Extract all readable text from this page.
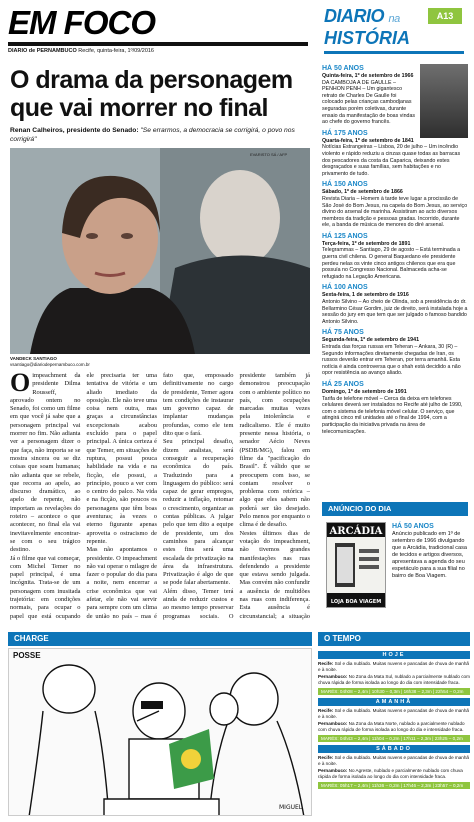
EM FOCO
DIARIO de PERNAMBUCO Recife, quinta-feira, 1º/09/2016
O drama da personagem que vai morrer no final
Renan Calheiros, presidente do Senado: "Se errarmos, a democracia se corrigirá, o povo nos corrigirá"
EVARISTO SÁ / AFP
VANDECK SANTIAGO
vsantiago@diariodepernambuco.com.br

Oimpeachment da presidente Dilma Rousseff, aprovado ontem no Senado, foi como um filme em que você já sabe que a personagem principal vai morrer no fim. Não adianta ver a personagem dizer o que faça, não importa se se mostra sincera ou se diz coisas que soam humanas; não adianta que se rebele, que recorra ao apelo, ao discurso dramático, ao apelo de repente, não importam as revelações do roteiro – acontece o que acontecer, no final ela vai inevitavelmente encontrar-se com o seu trágico destino.

Já o filme que vai começar, com Michel Temer no papel principal, é uma incógnita. Trata-se de um personagem com inusitada trajetória: em condições normais, para ocupar o papel que está ocupando ele precisaria ter uma tentativa de vitória e um aliado imediato da oposição. Ele não teve uma coisa nem outra, mas graças a circunstâncias excepcionais acabou excluído para o papel principal. A única certeza é que Temer, em situações de ruptura, possui pouca habilidade na vida e na ficção, ele possui, a princípio, pouco a ver com o centro do palco. Na vida e na ficção, são poucos os personagens que têm boas aventuras; às vezes o eterno figurante apenas aproveita o ostracismo de repente.

Mas não apontamos o presidente. O impeachment não vai operar o milagre de fazer o popular do dia para a noite, nem encerrar a crise econômica que vai afetar, ele não vai servir para sempre com um clima de união no país – mas é fato que, empossado definitivamente no cargo de presidente, Temer agora tem condições de instaurar um governo capaz de implantar mudanças profundas, como ele tem dito que o fará.

Seu principal desafio, dizem analistas, será conseguir a recuperação econômica do país. Traduzindo para a linguagem do público: será capaz de gerar empregos, reduzir a inflação, retomar o crescimento, organizar as contas públicas. A julgar pelo que tem dito a equipe de presidente, um dos caminhos para alcançar estes fins será uma escalada de privatização na área da infraestrutura. Privatização é algo de que se pode falar abertamente.

Além disso, Temer terá ainda de reduzir custos e ao mesmo tempo preservar programas sociais. O presidente também já demonstrou preocupação com o ambiente político no país, com ocupações marcadas muitas vezes pela intolerância e radicalismo. Ele é muito presente nessa história, o senador Aécio Neves (PSDB/MG), falou em filme da "pacificação do Brasil". É válido que se preocupem com isso, se contam resolver o problema com retórica – algo que eles sabem não poderá ser tão desejado. Pelo menos por enquanto o clima é de desafio.

Nestes últimos dias de votação do impeachment, não tivemos grandes manifestações nas ruas defendendo a presidente que estava sendo julgada. Mas convém não confundir a ausência de multidões nas ruas com indiferença. Esta ausência é circunstancial; a situação

DIARIO na
HISTÓRIA
A13
HÁ 50 ANOS
Quinta-feira, 1º de setembro de 1966
DA CAMBOJA A DE GAULLE – PENHON PENH – Um gigantesco retrato de Charles De Gaulle foi colocado pelas crianças cambodjanas seguradas porém coletivas, durante ensaio da manifestação de boas vindas ao chefe do governo francês.
HÁ 175 ANOS
Quarta-feira, 1º de setembro de 1841
Notícias Estrangeiras – Lisboa, 20 de julho – Um incêndio violento e rápido reduziu a cinzas quase todas as barracas dos pescadores da costa da Caparica, deixando estes desgraçados e suas famílias, sem habitações e no privamento de tudo.
HÁ 150 ANOS
Sábado, 1º de setembro de 1866
Revista Diaria – Homem à tarde teve lugar a procissão de São José do Bom Jesus, na capela do Bom Jesus, ao serviço divino do arsenal de marinha. Assistiram ao acto diversos membros da tradição e pessoas gradas. Incorrido, durante ele, a banda de música de menores do diré arsenal.
HÁ 125 ANOS
Terça-feira, 1º de setembro de 1891
Telegrammas – Santiago, 29 de agosto – Está terminada a guerra civil chilena. O general Baquedano ele presidente perdeu nelas os vinte cinco antigos chilenos que era que possuía no Congresso Nacional. Balmaceda acha-se refugiado na Legação Americana.
HÁ 100 ANOS
Sexta-feira, 1 de setembro de 1916
Antonio Silvino – Ao cheio de Olinda, sob a presidência do dr. Bellarmino César Gordim, juiz de direito, será instalada hoje a sessão do jury em que tem que ser julgado o famoso bandido Antonio Silvino.
HÁ 75 ANOS
Segunda-feira, 1º de setembro de 1941
Entrada das forças russas em Teheran – Ankara, 30 (R) – Segundo informações diretamente chegadas de Iran, os russos deverão entrar em Teheran, por terra amanhã. Esta notícia é ainda controversa que o shah está decidido a não opor resistência ao avanço aliado.
HÁ 25 ANOS
Domingo, 1º de setembro de 1991
Tarifa de telefone móvel – Cerca da deixa em telefones celulares deverá ser instalados no Recife até julho de 1990, com o sistema de telefonia móvel celular. O serviço, que atingirá cinco mil unidades até o final de 1994, com a participação da iniciativa privada na área de telecomunicações.
ANÚNCIO DO DIA
ARCÁDIA
LOJA BOA VIAGEM
HÁ 50 ANOS
Anúncio publicado em 1º de setembro de 1966 divulgando que a Arcádia, tradicional casa de tecidos e artigos diversos, apresentava a agenda do seu espetáculo para a sua filial no bairro de Boa Viagem.
CHARGE
POSSE
MIGUEL
O TEMPO
HOJE
Recife: Sol e dia nublado. Muitas nuvens e pancadas de chuva de manhã e à noite.
Pernambuco: No Zona da Mata Sul, nublado a parcialmente nublado com chuva rápida de forma isolada ao longo do dia com intensidade fraca.
MARÉS: 04h08 – 2,4m | 10h30 – 0,3m | 16h38 – 2,3m | 22h54 – 0,2m
AMANHÃ
Recife: Sol e dia nublado. Muitas nuvens e pancadas de chuva de manhã e à noite.
Pernambuco: Na Zona da Mata Norte, nublado a parcialmente nublado com chuva rápida de forma isolada ao longo do dia e intensidade fraca.
MARÉS: 04h43 – 2,4m | 11h04 – 0,2m | 17h11 – 2,3m | 23h25 – 0,2m
SÁBADO
Recife: Sol e dia nublado. Muitas nuvens e pancadas de chuva de manhã e à noite.
Pernambuco: No Agreste, nublado e parcialmente nublado com chuva rápida de forma isolada ao longo do dia com intensidade fraca.
MARÉS: 05h17 – 2,4m | 11h36 – 0,2m | 17h46 – 2,3m | 23h57 – 0,2m
